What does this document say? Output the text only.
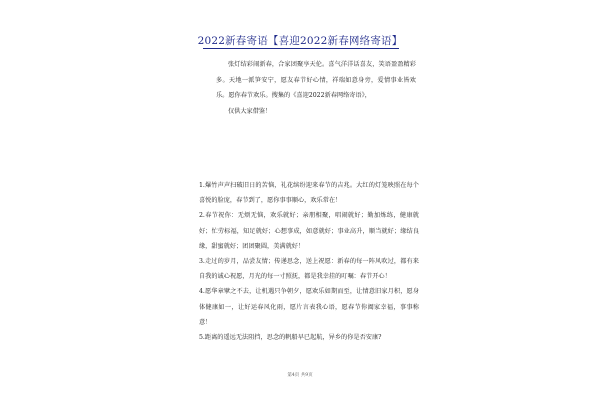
2022新春寄语【喜迎2022新春网络寄语】

张灯结彩闹新春，合家团聚享天伦。喜气洋洋话喜友，笑语盈盈精彩多。天地一派笋安宁，愿友春节好心情，祥瑞如意身旁，爱情事业皆欢乐。愿你春节欢乐。搜集的《喜迎2022新春网络寄语》，

仅供大家借鉴！

1.爆竹声声扫破旧日的苦恼，礼花缤纷迎来春节的吉兆。大红的灯笼映照在每个喜悦的脸庞，春节到了，愿你事事顺心，欢乐常在！

2.春节祝你：无烦无恼，欢乐就好；亲朋相聚，唱闹就好；勤加炼练，健康就好；忙劳标福，知足就好；心想事成，如意就好；事业高升，顺当就好；缘结良缘，甜蜜就好；团团聚圆，美满就好！

3.走过的岁月，品尝友情；传递思念，送上祝愿：新春的每一阵风吹过，都有来自我的诚心祝愿，月光的每一寸照抚，都是我幸挂的叮嘱：春节开心！

4.愿华章擘之不去，让机遇只争朝夕，愿欢乐如期而至，让情意旧家月积，愿身体健康如一，让好运春风化雨，愿片言表我心语，愿春节你阖家幸福，事事称意！

5.距离的遥远无法阻挡，思念的帆船早已起航，异乡的你是否安康?

第4页 共9页
